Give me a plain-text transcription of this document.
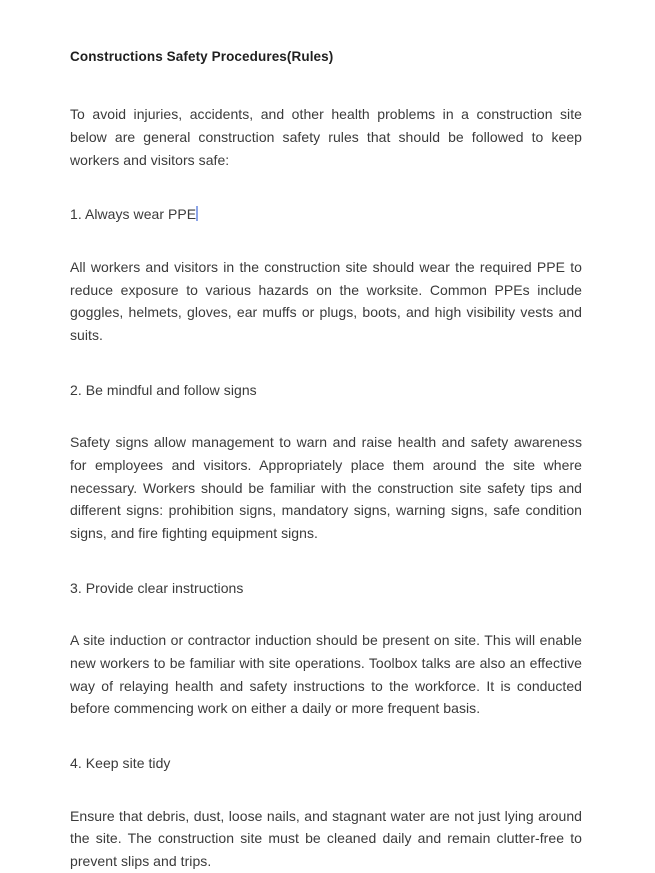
Constructions Safety Procedures(Rules)

To avoid injuries, accidents, and other health problems in a construction site below are general construction safety rules that should be followed to keep workers and visitors safe:

1. Always wear PPE

All workers and visitors in the construction site should wear the required PPE to reduce exposure to various hazards on the worksite. Common PPEs include goggles, helmets, gloves, ear muffs or plugs, boots, and high visibility vests and suits.

2. Be mindful and follow signs

Safety signs allow management to warn and raise health and safety awareness for employees and visitors. Appropriately place them around the site where necessary. Workers should be familiar with the construction site safety tips and different signs: prohibition signs, mandatory signs, warning signs, safe condition signs, and fire fighting equipment signs.

3. Provide clear instructions

A site induction or contractor induction should be present on site. This will enable new workers to be familiar with site operations. Toolbox talks are also an effective way of relaying health and safety instructions to the workforce. It is conducted before commencing work on either a daily or more frequent basis.

4. Keep site tidy

Ensure that debris, dust, loose nails, and stagnant water are not just lying around the site. The construction site must be cleaned daily and remain clutter-free to prevent slips and trips.
